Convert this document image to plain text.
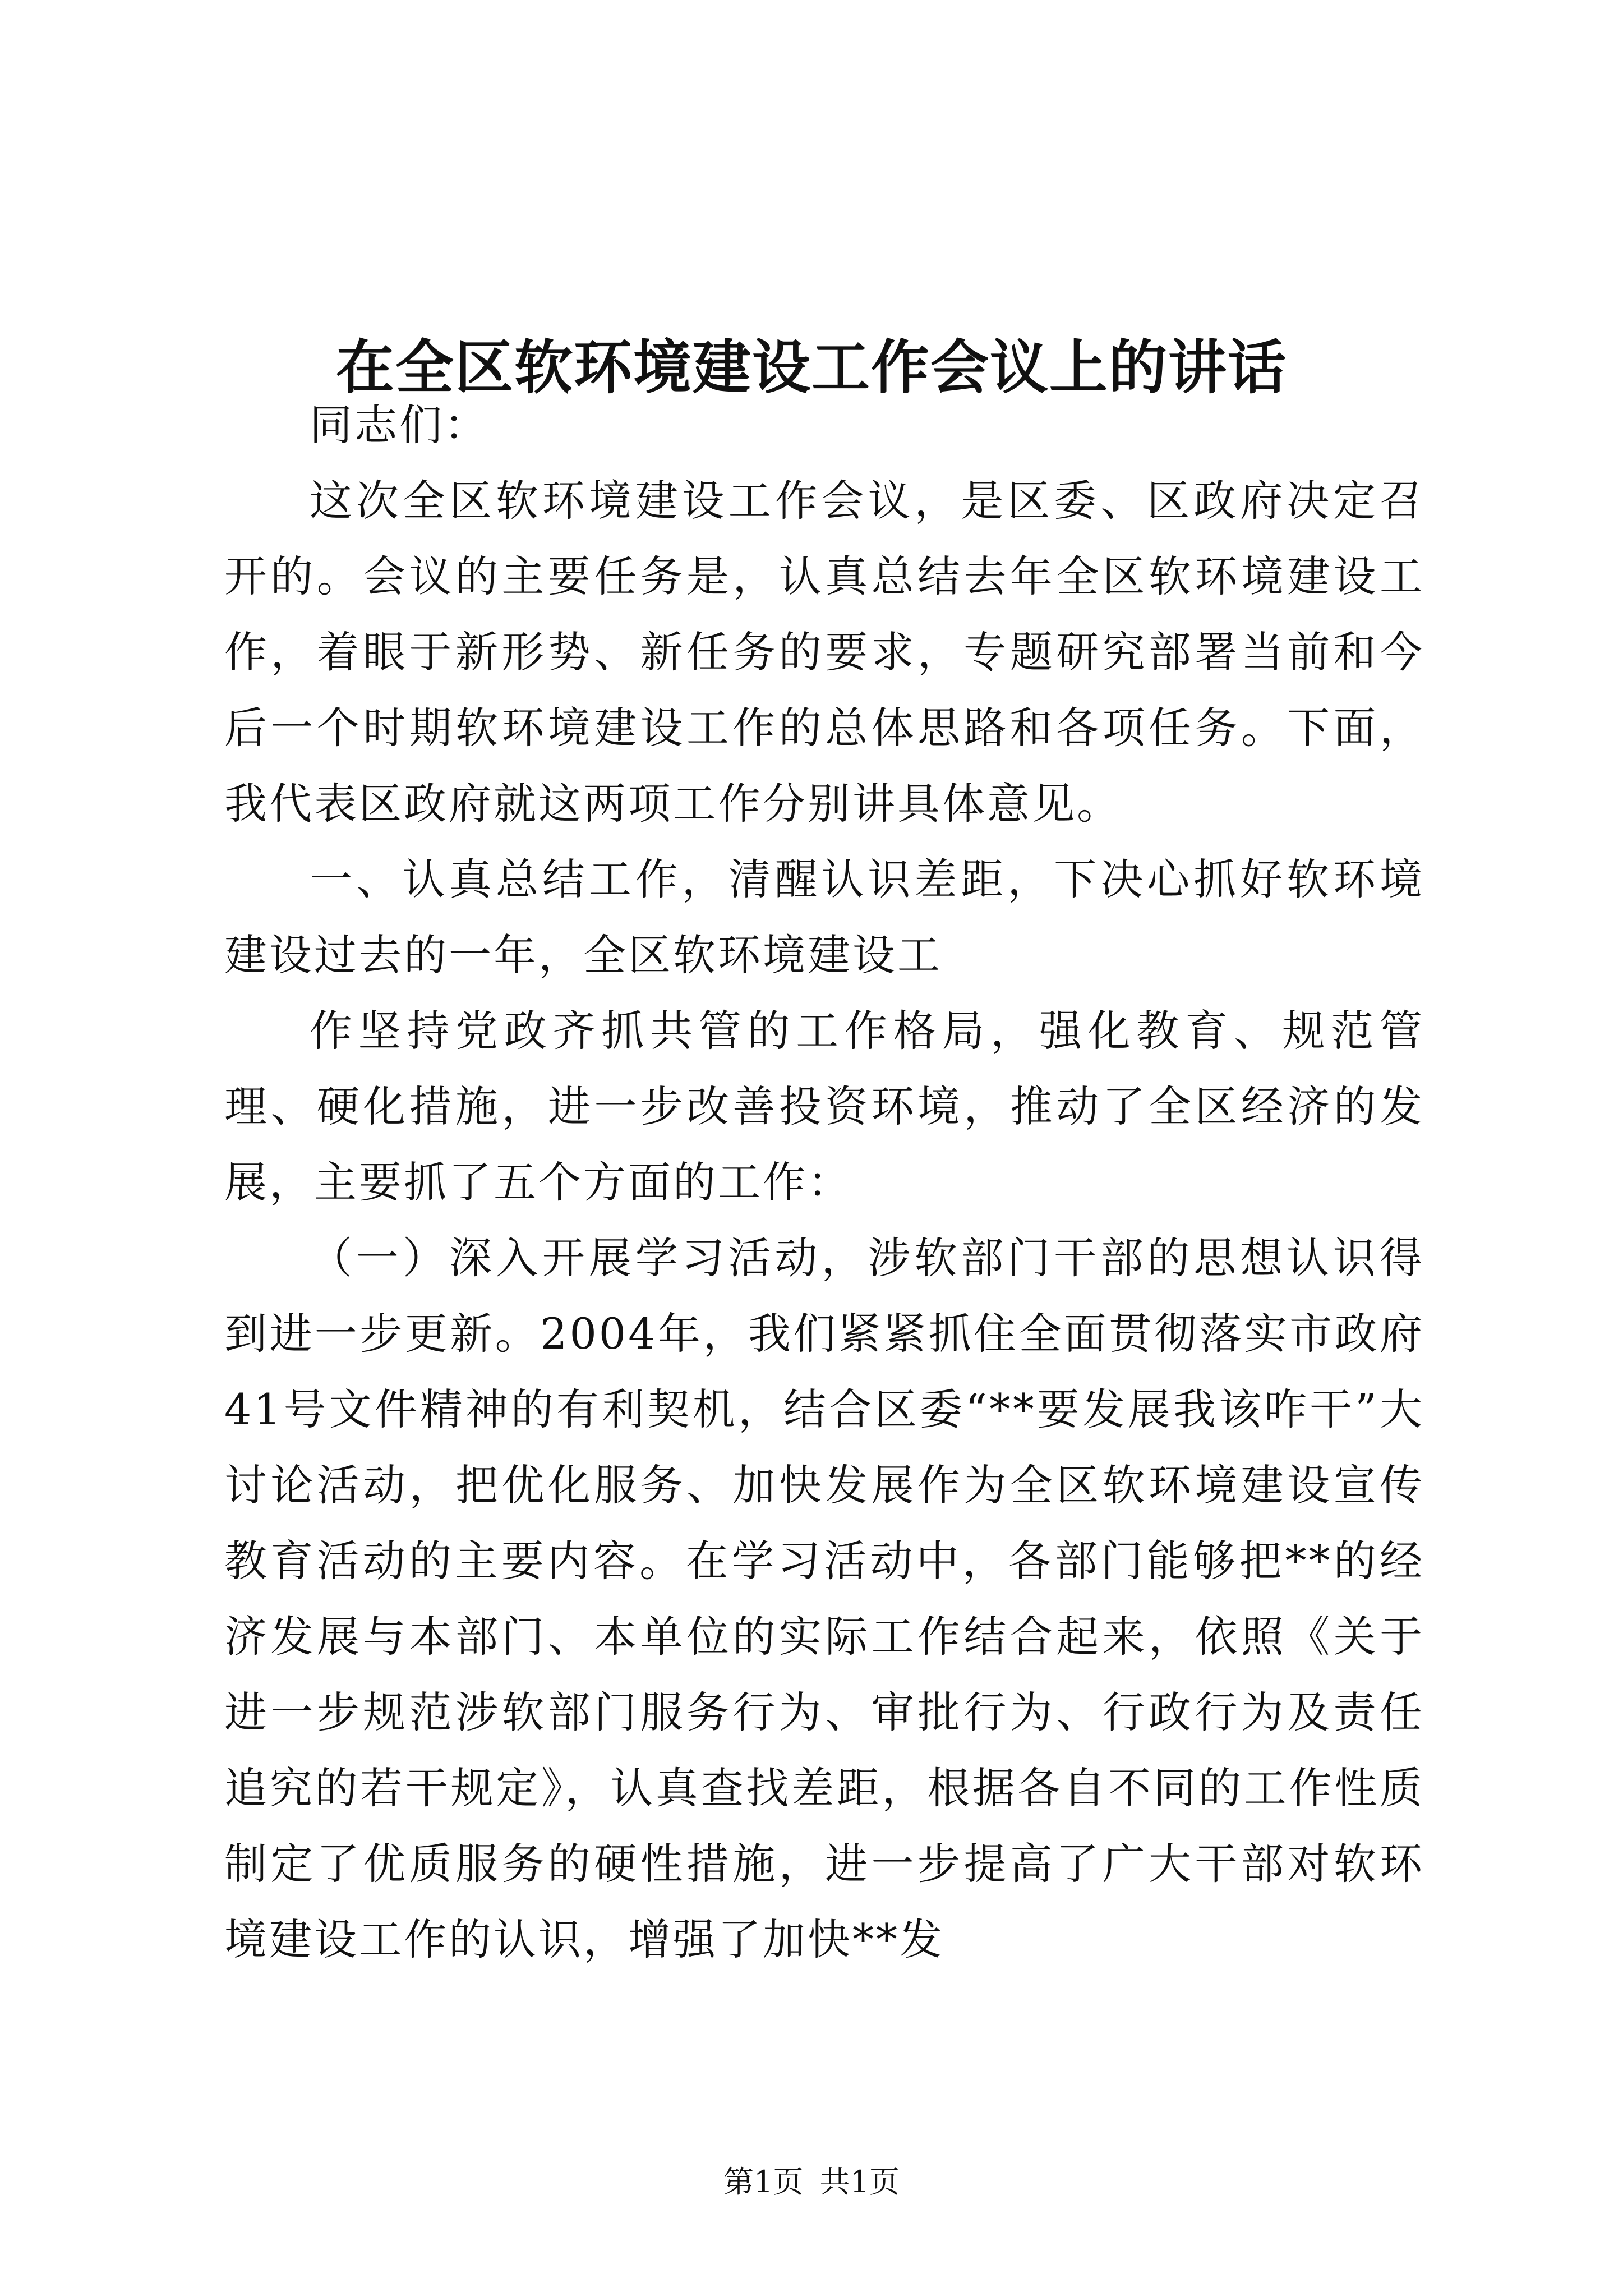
在全区软环境建设工作会议上的讲话

同志们：

这次全区软环境建设工作会议，是区委、区政府决定召开的。会议的主要任务是，认真总结去年全区软环境建设工作，着眼于新形势、新任务的要求，专题研究部署当前和今后一个时期软环境建设工作的总体思路和各项任务。下面，我代表区政府就这两项工作分别讲具体意见。

一、认真总结工作，清醒认识差距，下决心抓好软环境建设过去的一年，全区软环境建设工

作坚持党政齐抓共管的工作格局，强化教育、规范管理、硬化措施，进一步改善投资环境，推动了全区经济的发展，主要抓了五个方面的工作：

（一）深入开展学习活动，涉软部门干部的思想认识得到进一步更新。2004年，我们紧紧抓住全面贯彻落实市政府41号文件精神的有利契机，结合区委“**要发展我该咋干”大讨论活动，把优化服务、加快发展作为全区软环境建设宣传教育活动的主要内容。在学习活动中，各部门能够把**的经济发展与本部门、本单位的实际工作结合起来，依照《关于进一步规范涉软部门服务行为、审批行为、行政行为及责任追究的若干规定》，认真查找差距，根据各自不同的工作性质制定了优质服务的硬性措施，进一步提高了广大干部对软环境建设工作的认识，增强了加快**发

第1页 共1页
